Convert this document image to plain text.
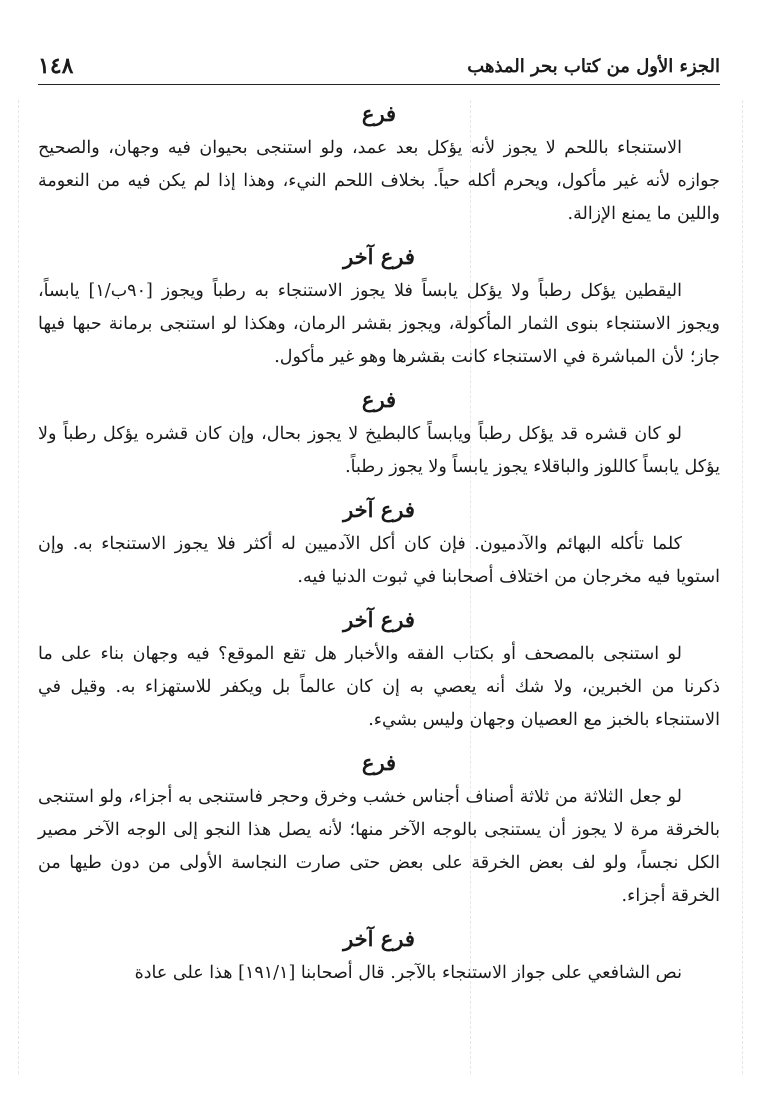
١٤٨	الجزء الأول من كتاب بحر المذهب
فرع

الاستنجاء باللحم لا يجوز لأنه يؤكل بعد عمد، ولو استنجى بحيوان فيه وجهان، والصحيح جوازه لأنه غير مأكول، ويحرم أكله حياً. بخلاف اللحم النيء، وهذا إذا لم يكن فيه من النعومة واللين ما يمنع الإزالة.

فرع آخر

اليقطين يؤكل رطباً ولا يؤكل يابساً فلا يجوز الاستنجاء به رطباً ويجوز [٩٠ب/١] يابساً، ويجوز الاستنجاء بنوى الثمار المأكولة، ويجوز بقشر الرمان، وهكذا لو استنجى برمانة حبها فيها جاز؛ لأن المباشرة في الاستنجاء كانت بقشرها وهو غير مأكول.

فرع

لو كان قشره قد يؤكل رطباً ويابساً كالبطيخ لا يجوز بحال، وإن كان قشره يؤكل رطباً ولا يؤكل يابساً كاللوز والباقلاء يجوز يابساً ولا يجوز رطباً.

فرع آخر

كلما تأكله البهائم والآدميون. فإن كان أكل الآدميين له أكثر فلا يجوز الاستنجاء به. وإن استويا فيه مخرجان من اختلاف أصحابنا في ثبوت الدنيا فيه.

فرع آخر

لو استنجى بالمصحف أو بكتاب الفقه والأخبار هل تقع الموقع؟ فيه وجهان بناء على ما ذكرنا من الخبرين، ولا شك أنه يعصي به إن كان عالماً بل ويكفر للاستهزاء به. وقيل في الاستنجاء بالخبز مع العصيان وجهان وليس بشيء.

فرع

لو جعل الثلاثة من ثلاثة أصناف أجناس خشب وخرق وحجر فاستنجى به أجزاء، ولو استنجى بالخرقة مرة لا يجوز أن يستنجى بالوجه الآخر منها؛ لأنه يصل هذا النجو إلى الوجه الآخر مصير الكل نجساً، ولو لف بعض الخرقة على بعض حتى صارت النجاسة الأولى من دون طيها من الخرقة أجزاء.

فرع آخر

نص الشافعي على جواز الاستنجاء بالآجر. قال أصحابنا [١٩١/١] هذا على عادة
